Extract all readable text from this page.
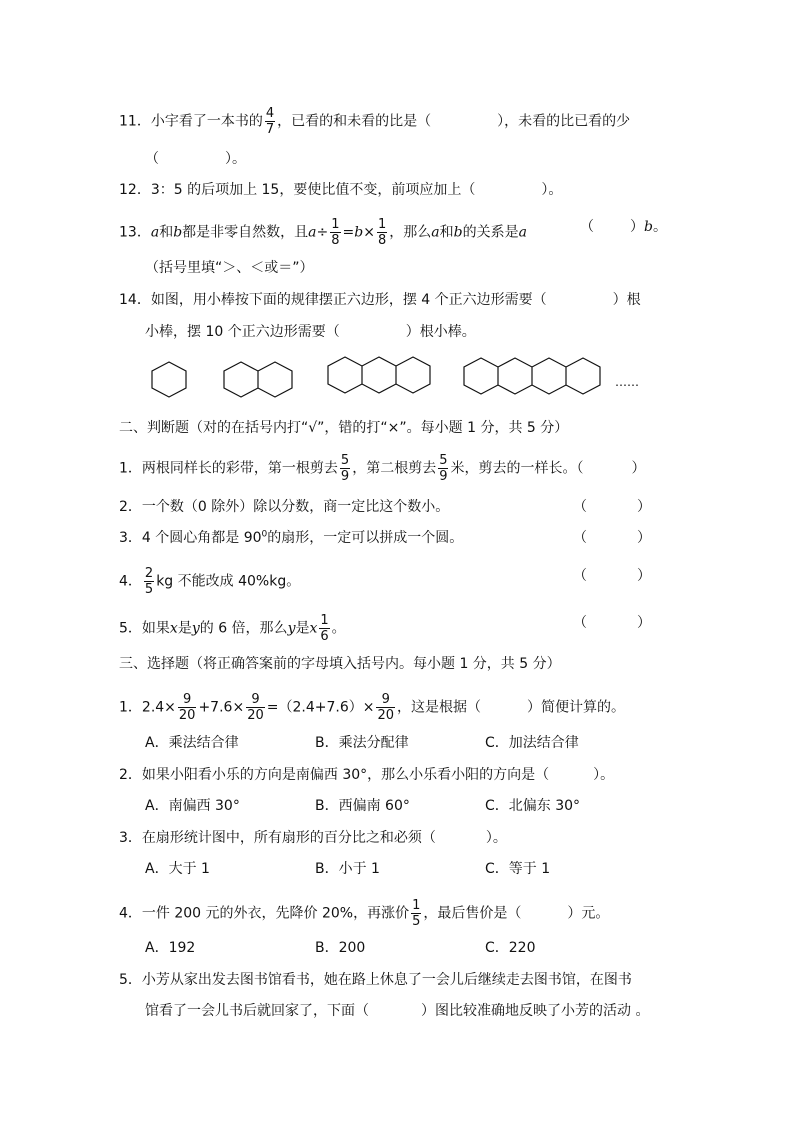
11．小宇看了一本书的 $\frac{4}{7}$ ，已看的和未看的比是（	），未看的比已看的少
（	）。
12．3：5 的后项加上 15，要使比值不变，前项应加上（	）。
13．a和b都是非零自然数，且$a\div \frac{1}{8} =b\times \frac{1}{8}$ ，那么a和b的关系是a	（	）b。
（括号里填“＞、＜或＝”）
14．如图，用小棒按下面的规律摆正六边形，摆 4 个正六边形需要（	）根
小棒，摆 10 个正六边形需要（	）根小棒。
……
二、判断题（对的在括号内打“√”，错的打“×”。每小题 1 分，共 5 分）
1．两根同样长的彩带，第一根剪去 $\frac{5}{9}$ ，第二根剪去 $\frac{5}{9}$ 米，剪去的一样长。（	）
2．一个数（0 除外）除以分数，商一定比这个数小。	（	）
3．4 个圆心角都是 $90^0$的扇形，一定可以拼成一个圆。	（	）
4． $\frac{2}{5}$ kg 不能改成 40%kg。	（	）
5．如果x是y的 6 倍，那么y是x $\frac{1}{6}$ 。	（	）
三、选择题（将正确答案前的字母填入括号内。每小题 1 分，共 5 分）
1．$2.4\times \frac{9}{20} +7.6\times \frac{9}{20} =(2.4+7.6)\times \frac{9}{20}$ ，这是根据（	）简便计算的。
A．乘法结合律	B．乘法分配律	C．加法结合律
2．如果小阳看小乐的方向是南偏西 30°，那么小乐看小阳的方向是（	）。
A．南偏西 30°	B．西偏南 60°	C．北偏东 30°
3．在扇形统计图中，所有扇形的百分比之和必须（	）。
A．大于 1	B．小于 1	C．等于 1
4．一件 200 元的外衣，先降价 20%，再涨价 $\frac{1}{5}$ ，最后售价是（	）元。
A．192	B．200	C．220
5．小芳从家出发去图书馆看书，她在路上休息了一会儿后继续走去图书馆，在图书
馆看了一会儿书后就回家了，下面（	）图比较准确地反映了小芳的活动 。
